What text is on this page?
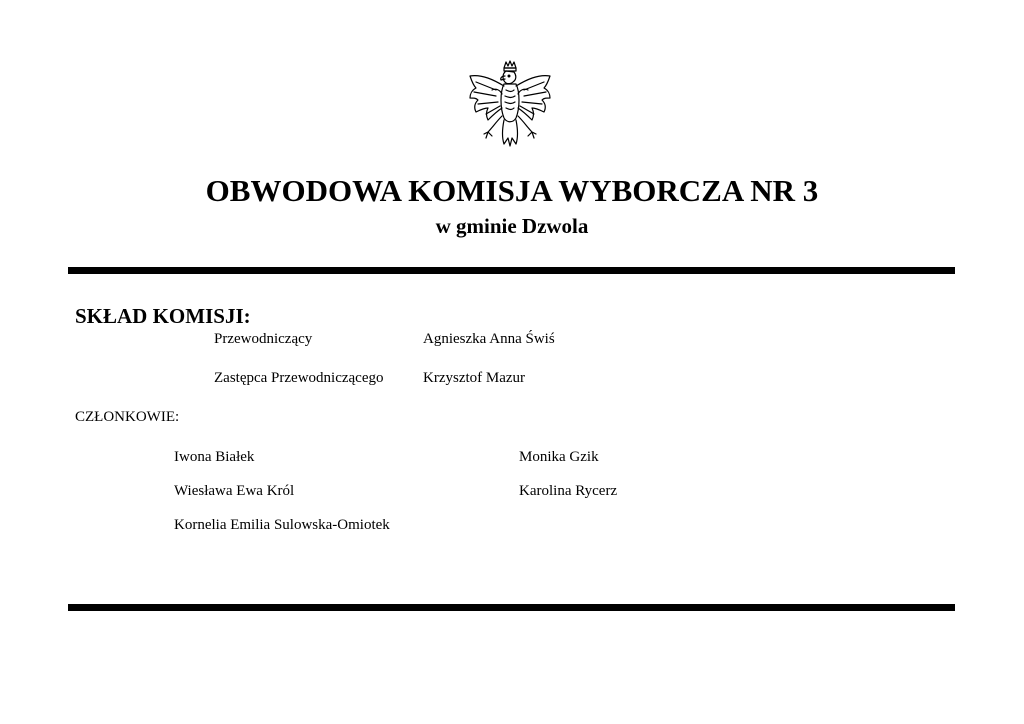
OBWODOWA KOMISJA WYBORCZA NR 3
w gminie Dzwola
SKŁAD KOMISJI:
Przewodniczący	Agnieszka Anna Świś
Zastępca Przewodniczącego	Krzysztof Mazur
CZŁONKOWIE:
Iwona Białek	Monika Gzik
Wiesława Ewa Król	Karolina Rycerz
Kornelia Emilia Sulowska-Omiotek
